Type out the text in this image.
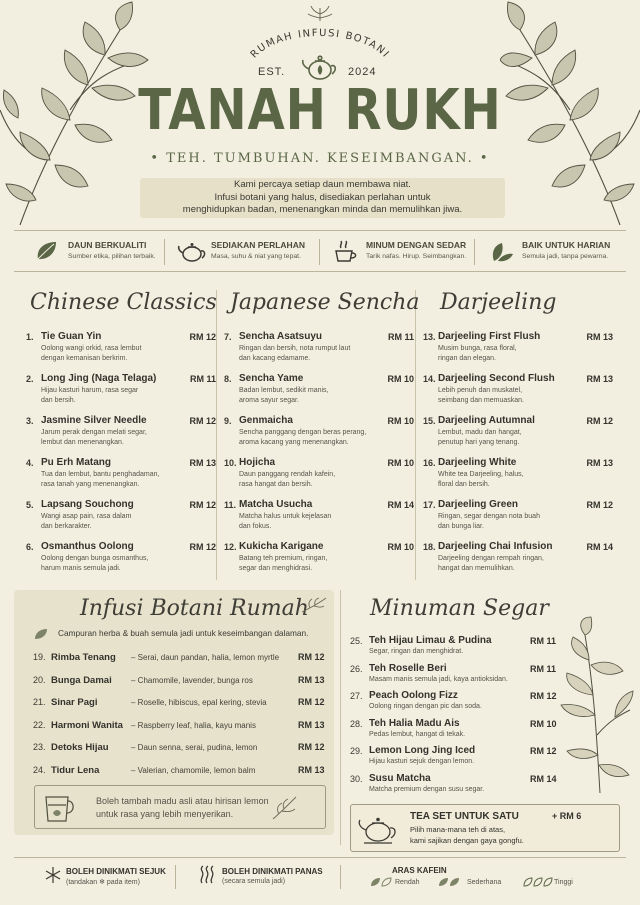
RUMAH INFUSI BOTANI
EST.	2024
TANAH RUKH
• TEH. TUMBUHAN. KESEIMBANGAN. •
Kami percaya setiap daun membawa niat.
Infusi botani yang halus, disediakan perlahan untuk
menghidupkan badan, menenangkan minda dan memulihkan jiwa.
DAUN BERKUALITI
Sumber etika, pilihan terbaik.
SEDIAKAN PERLAHAN
Masa, suhu & niat yang tepat.
MINUM DENGAN SEDAR
Tarik nafas. Hirup. Seimbangkan.
BAIK UNTUK HARIAN
Semula jadi, tanpa pewarna.
Chinese Classics Japanese Sencha Darjeeling
1. Tie Guan Yin
Oolong wangi orkid, rasa lembut
dengan kemanisan berkrim.
RM 12
2. Long Jing (Naga Telaga)
Hijau kasturi harum, rasa segar
dan bersih.
RM 11
3. Jasmine Silver Needle
Jarum perak dengan melati segar,
lembut dan menenangkan.
RM 12
4. Pu Erh Matang
Tua dan lembut, bantu penghadaman,
rasa tanah yang menenangkan.
RM 13
5. Lapsang Souchong
Wangi asap pain, rasa dalam
dan berkarakter.
RM 12
6. Osmanthus Oolong
Oolong dengan bunga osmanthus,
harum manis semula jadi.
RM 12
7. Sencha Asatsuyu
Ringan dan bersih, nota rumput laut
dan kacang edamame.
RM 11
8. Sencha Yame
Badan lembut, sedikit manis,
aroma sayur segar.
RM 10
9. Genmaicha
Sencha panggang dengan beras perang,
aroma kacang yang menenangkan.
RM 10
10. Hojicha
Daun panggang rendah kafein,
rasa hangat dan bersih.
RM 10
11. Matcha Usucha
Matcha halus untuk kejelasan
dan fokus.
RM 14
12. Kukicha Karigane
Batang teh premium, ringan,
segar dan menghidrasi.
RM 10
13. Darjeeling First Flush
Musim bunga, rasa floral,
ringan dan elegan.
RM 13
14. Darjeeling Second Flush
Lebih penuh dan muskatel,
seimbang dan memuaskan.
RM 13
15. Darjeeling Autumnal
Lembut, madu dan hangat,
penutup hari yang tenang.
RM 12
16. Darjeeling White
White tea Darjeeling, halus,
floral dan bersih.
RM 13
17. Darjeeling Green
Ringan, segar dengan nota buah
dan bunga liar.
RM 12
18. Darjeeling Chai Infusion
Darjeeling dengan rempah ringan,
hangat dan memulihkan.
RM 14
Infusi Botani Rumah
Campuran herba & buah semula jadi untuk keseimbangan dalaman.
19. Rimba Tenang – Serai, daun pandan, halia, lemon myrtle RM 12
20. Bunga Damai – Chamomile, lavender, bunga ros	RM 13
21. Sinar Pagi	– Roselle, hibiscus, epal kering, stevia	RM 12
22. Harmoni Wanita – Raspberry leaf, halia, kayu manis	RM 13
23. Detoks Hijau	– Daun senna, serai, pudina, lemon	RM 12
24. Tidur Lena	– Valerian, chamomile, lemon balm	RM 13
Boleh tambah madu asli atau hirisan lemon
untuk rasa yang lebih menyerikan.
Minuman Segar
25. Teh Hijau Limau & Pudina
Segar, ringan dan menghidrat.
RM 11
26. Teh Roselle Beri
Masam manis semula jadi, kaya antioksidan.
RM 11
27. Peach Oolong Fizz
Oolong ringan dengan pic dan soda.
RM 12
28. Teh Halia Madu Ais
Pedas lembut, hangat di tekak.
RM 10
29. Lemon Long Jing Iced
Hijau kasturi sejuk dengan lemon.
RM 12
30. Susu Matcha
Matcha premium dengan susu segar.
RM 14
TEA SET UNTUK SATU	+ RM 6
Pilih mana-mana teh di atas,
kami sajikan dengan gaya gongfu.
BOLEH DINIKMATI SEJUK
(tandakan ❄ pada item)
BOLEH DINIKMATI PANAS
(secara semula jadi)
ARAS KAFEIN
Rendah	Sederhana	Tinggi
